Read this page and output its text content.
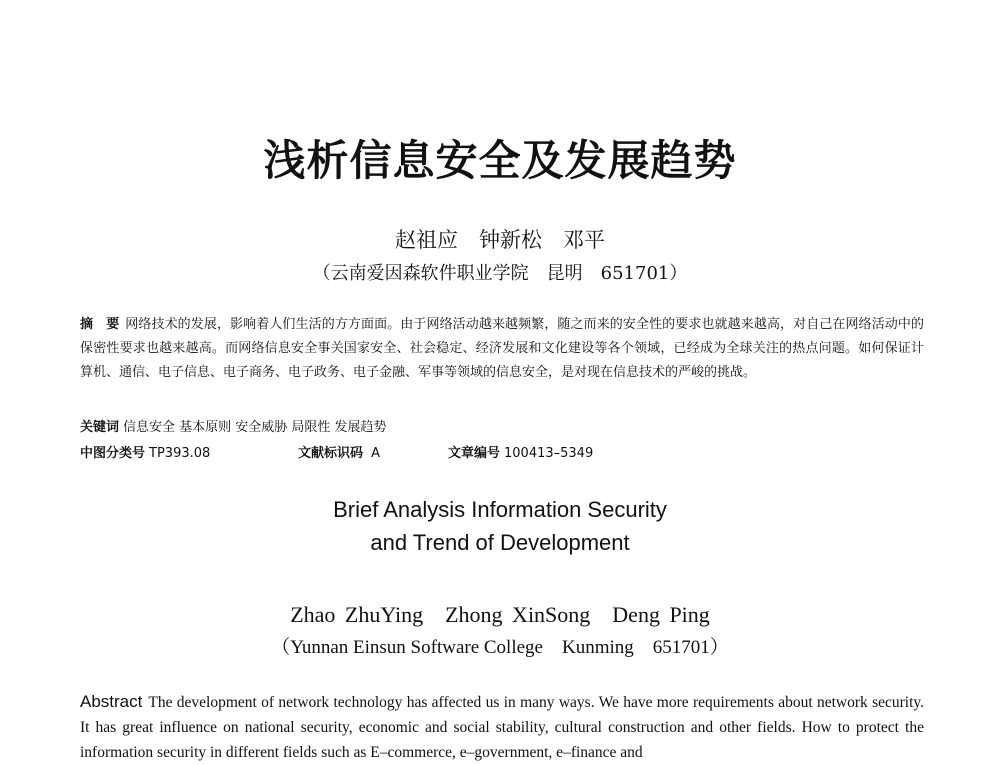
浅析信息安全及发展趋势
赵祖应　钟新松　邓平
（云南爱因森软件职业学院　昆明　651701）
摘　要 网络技术的发展，影响着人们生活的方方面面。由于网络活动越来越频繁，随之而来的安全性的要求也就越来越高，对自己在网络活动中的保密性要求也越来越高。而网络信息安全事关国家安全、社会稳定、经济发展和文化建设等各个领域，已经成为全球关注的热点问题。如何保证计算机、通信、电子信息、电子商务、电子政务、电子金融、军事等领域的信息安全，是对现在信息技术的严峻的挑战。
关键词 信息安全 基本原则 安全威胁 局限性 发展趋势
中图分类号 TP393.08	文献标识码 A	文章编号 100413–5349
Brief Analysis Information Security
and Trend of Development
Zhao ZhuYing　Zhong XinSong　Deng Ping
（Yunnan Einsun Software College　Kunming　651701）
Abstract The development of network technology has affected us in many ways. We have more requirements about network security. It has great influence on national security, economic and social stability, cultural construction and other fields. How to protect the information security in different fields such as E–commerce, e–government, e–finance and
